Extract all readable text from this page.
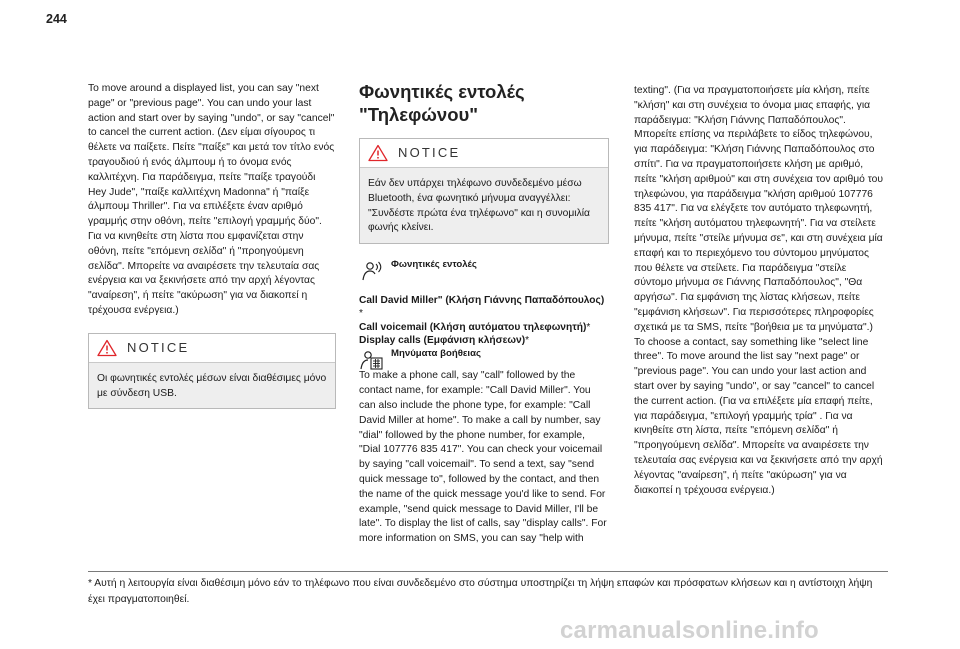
244

To move around a displayed list, you can say "next page" or "previous page". You can undo your last action and start over by saying "undo", or say "cancel" to cancel the current action. (Δεν είμαι σίγουρος τι θέλετε να παίξετε. Πείτε "παίξε" και μετά τον τίτλο ενός τραγουδιού ή ενός άλμπουμ ή το όνομα ενός καλλιτέχνη. Για παράδειγμα, πείτε "παίξε τραγούδι Hey Jude", "παίξε καλλιτέχνη Madonna" ή "παίξε άλμπουμ Thriller". Για να επιλέξετε έναν αριθμό γραμμής στην οθόνη, πείτε "επιλογή γραμμής δύο". Για να κινηθείτε στη λίστα που εμφανίζεται στην οθόνη, πείτε "επόμενη σελίδα" ή "προηγούμενη σελίδα". Μπορείτε να αναιρέσετε την τελευταία σας ενέργεια και να ξεκινήσετε από την αρχή λέγοντας "αναίρεση", ή πείτε "ακύρωση" για να διακοπεί η τρέχουσα ενέργεια.)

NOTICE
Οι φωνητικές εντολές μέσων είναι διαθέσιμες μόνο με σύνδεση USB.
Φωνητικές εντολές "Τηλεφώνου"
NOTICE
Εάν δεν υπάρχει τηλέφωνο συνδεδεμένο μέσω Bluetooth, ένα φωνητικό μήνυμα αναγγέλλει: "Συνδέστε πρώτα ένα τηλέφωνο" και η συνομιλία φωνής κλείνει.
Φωνητικές εντολές

Call David Miller" (Κλήση Γιάννης Παπαδόπουλος)

*

Call voicemail (Κλήση αυτόματου τηλεφωνητή)*

Display calls (Εμφάνιση κλήσεων)*

Μηνύματα βοήθειας

To make a phone call, say "call" followed by the contact name, for example: "Call David Miller". You can also include the phone type, for example: "Call David Miller at home". To make a call by number, say "dial" followed by the phone number, for example, "Dial 107776 835 417". You can check your voicemail by saying "call voicemail". To send a text, say "send quick message to", followed by the contact, and then the name of the quick message you'd like to send. For example, "send quick message to David Miller, I'll be late". To display the list of calls, say "display calls". For more information on SMS, you can say "help with

texting". (Για να πραγματοποιήσετε μία κλήση, πείτε "κλήση" και στη συνέχεια το όνομα μιας επαφής, για παράδειγμα: "Κλήση Γιάννης Παπαδόπουλος". Μπορείτε επίσης να περιλάβετε το είδος τηλεφώνου, για παράδειγμα: "Κλήση Γιάννης Παπαδόπουλος στο σπίτι". Για να πραγματοποιήσετε κλήση με αριθμό, πείτε "κλήση αριθμού" και στη συνέχεια τον αριθμό του τηλεφώνου, για παράδειγμα "κλήση αριθμού 107776 835 417". Για να ελέγξετε τον αυτόματο τηλεφωνητή, πείτε "κλήση αυτόματου τηλεφωνητή". Για να στείλετε μήνυμα, πείτε "στείλε μήνυμα σε", και στη συνέχεια μία επαφή και το περιεχόμενο του σύντομου μηνύματος που θέλετε να στείλετε. Για παράδειγμα "στείλε σύντομο μήνυμα σε Γιάννης Παπαδόπουλος", "Θα αργήσω". Για εμφάνιση της λίστας κλήσεων, πείτε "εμφάνιση κλήσεων". Για περισσότερες πληροφορίες σχετικά με τα SMS, πείτε "βοήθεια με τα μηνύματα".) To choose a contact, say something like "select line three". To move around the list say "next page" or "previous page". You can undo your last action and start over by saying "undo", or say "cancel" to cancel the current action. (Για να επιλέξετε μία επαφή πείτε, για παράδειγμα, "επιλογή γραμμής τρία" . Για να κινηθείτε στη λίστα, πείτε "επόμενη σελίδα" ή "προηγούμενη σελίδα". Μπορείτε να αναιρέσετε την τελευταία σας ενέργεια και να ξεκινήσετε από την αρχή λέγοντας "αναίρεση", ή πείτε "ακύρωση" για να διακοπεί η τρέχουσα ενέργεια.)

* Αυτή η λειτουργία είναι διαθέσιμη μόνο εάν το τηλέφωνο που είναι συνδεδεμένο στο σύστημα υποστηρίζει τη λήψη επαφών και πρόσφατων κλήσεων και η αντίστοιχη λήψη έχει πραγματοποιηθεί.
carmanualsonline.info
